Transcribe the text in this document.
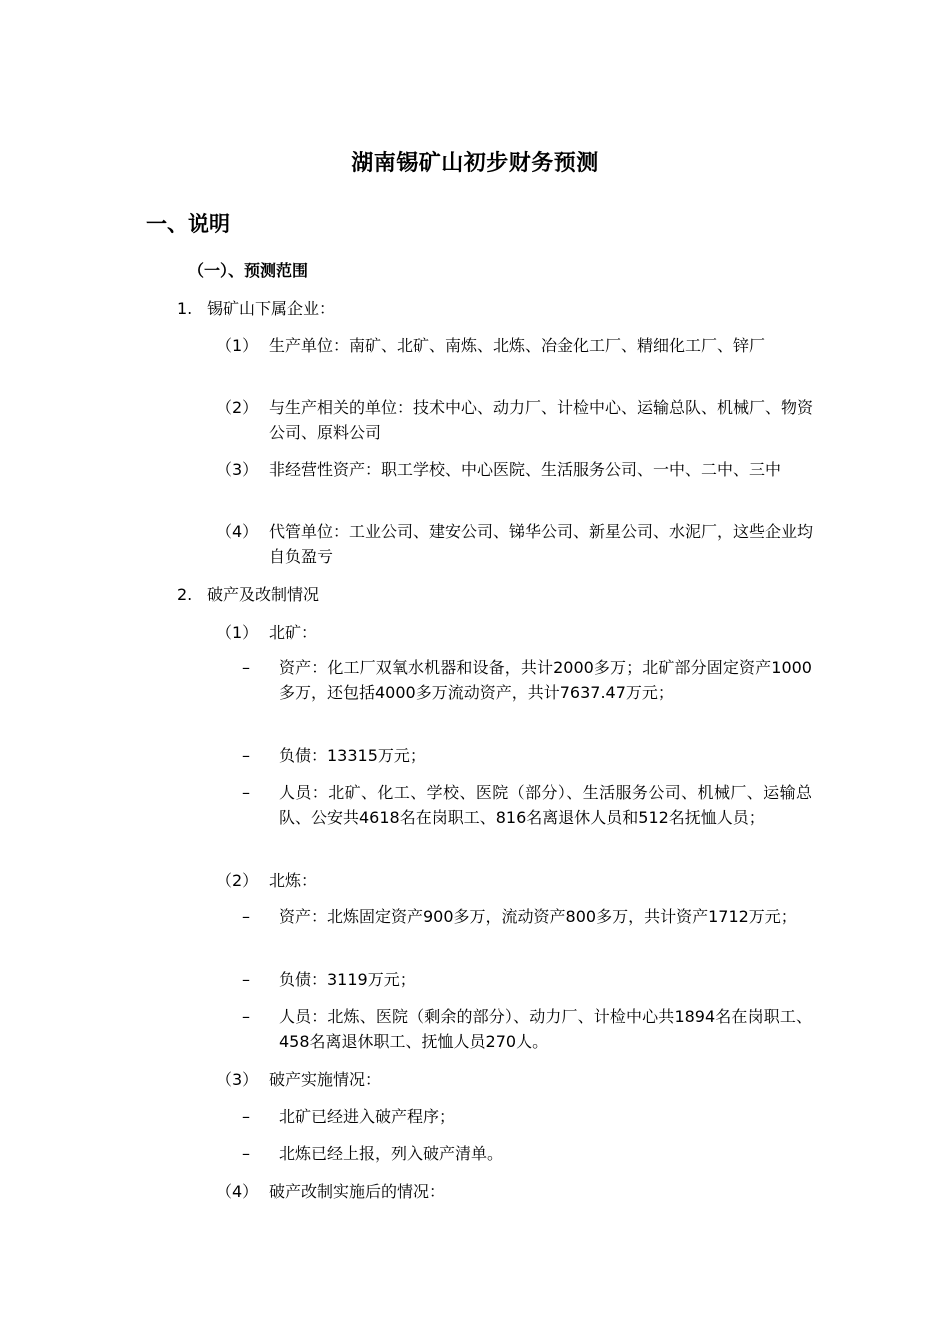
湖南锡矿山初步财务预测
一、说明
（一）、预测范围
1. 锡矿山下属企业：
（1） 生产单位：南矿、北矿、南炼、北炼、冶金化工厂、精细化工厂、锌厂
（2） 与生产相关的单位：技术中心、动力厂、计检中心、运输总队、机械厂、物资公司、原料公司
（3） 非经营性资产：职工学校、中心医院、生活服务公司、一中、二中、三中
（4） 代管单位：工业公司、建安公司、锑华公司、新星公司、水泥厂，这些企业均自负盈亏
2. 破产及改制情况
（1） 北矿：
– 资产：化工厂双氧水机器和设备，共计2000多万；北矿部分固定资产1000多万，还包括4000多万流动资产，共计7637.47万元；
– 负债：13315万元；
– 人员：北矿、化工、学校、医院（部分）、生活服务公司、机械厂、运输总队、公安共4618名在岗职工、816名离退休人员和512名抚恤人员；
（2） 北炼：
– 资产：北炼固定资产900多万，流动资产800多万，共计资产1712万元；
– 负债：3119万元；
– 人员：北炼、医院（剩余的部分）、动力厂、计检中心共1894名在岗职工、458名离退休职工、抚恤人员270人。
（3） 破产实施情况：
– 北矿已经进入破产程序；
– 北炼已经上报，列入破产清单。
（4） 破产改制实施后的情况：
